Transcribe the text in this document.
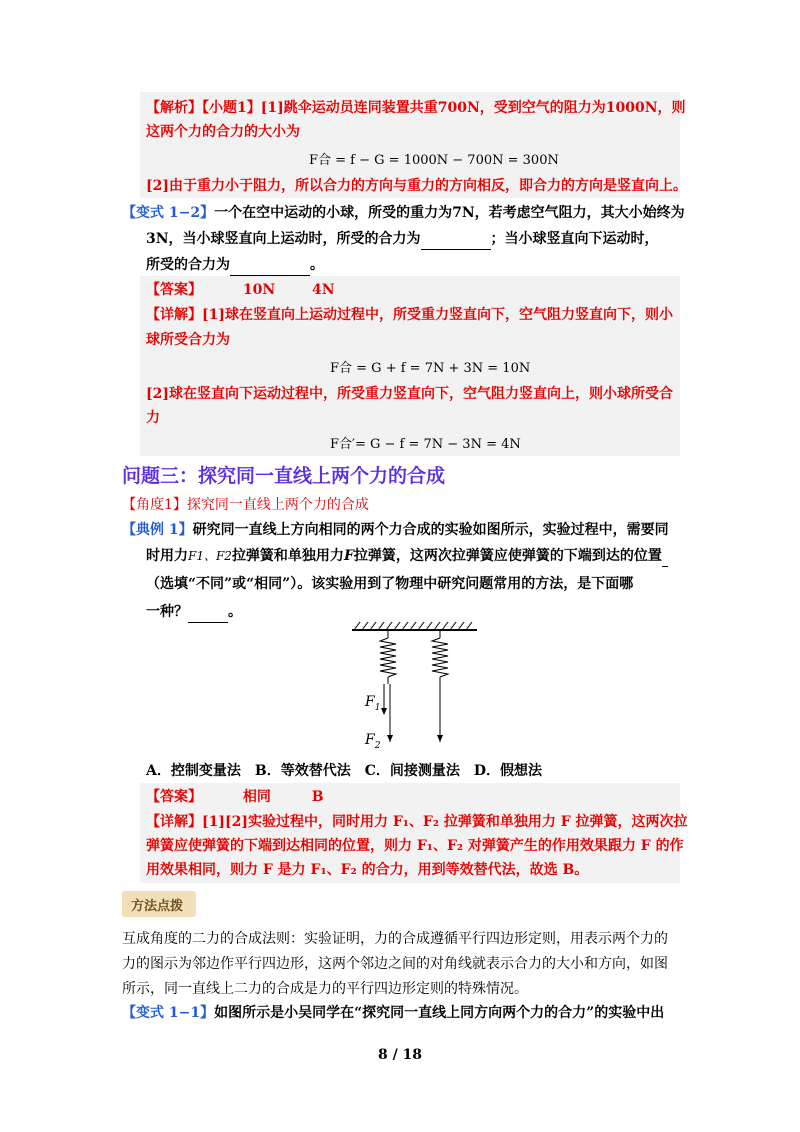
【解析】【小题1】[1]跳伞运动员连同装置共重700N，受到空气的阻力为1000N，则
这两个力的合力的大小为
F合 = f − G = 1000N − 700N = 300N
[2]由于重力小于阻力，所以合力的方向与重力的方向相反，即合力的方向是竖直向上。
【变式 1−2】一个在空中运动的小球，所受的重力为7N，若考虑空气阻力，其大小始终为
3N，当小球竖直向上运动时，所受的合力为	；当小球竖直向下运动时，
所受的合力为	。
【答案】	10N	4N
【详解】[1]球在竖直向上运动过程中，所受重力竖直向下，空气阻力竖直向下，则小
球所受合力为
F合 = G + f = 7N + 3N = 10N
[2]球在竖直向下运动过程中，所受重力竖直向下，空气阻力竖直向上，则小球所受合
力
F合′= G − f = 7N − 3N = 4N
问题三：探究同一直线上两个力的合成
【角度1】探究同一直线上两个力的合成
【典例 1】研究同一直线上方向相同的两个力合成的实验如图所示，实验过程中，需要同
时用力F1、F2拉弹簧和单独用力F拉弹簧，这两次拉弹簧应使弹簧的下端到达的位置
（选填“不同”或“相同”）。该实验用到了物理中研究问题常用的方法，是下面哪
一种？	。
$F_1$
$F_2$
A．控制变量法　B．等效替代法　C．间接测量法　D．假想法
【答案】	相同	B
【详解】[1][2]实验过程中，同时用力 F₁、F₂ 拉弹簧和单独用力 F 拉弹簧，这两次拉
弹簧应使弹簧的下端到达相同的位置，则力 F₁、F₂ 对弹簧产生的作用效果跟力 F 的作
用效果相同，则力 F 是力 F₁、F₂ 的合力，用到等效替代法，故选 B。
方法点拨
互成角度的二力的合成法则：实验证明，力的合成遵循平行四边形定则，用表示两个力的
力的图示为邻边作平行四边形，这两个邻边之间的对角线就表示合力的大小和方向，如图
所示，同一直线上二力的合成是力的平行四边形定则的特殊情况。
【变式 1−1】如图所示是小吴同学在“探究同一直线上同方向两个力的合力”的实验中出
8 / 18
